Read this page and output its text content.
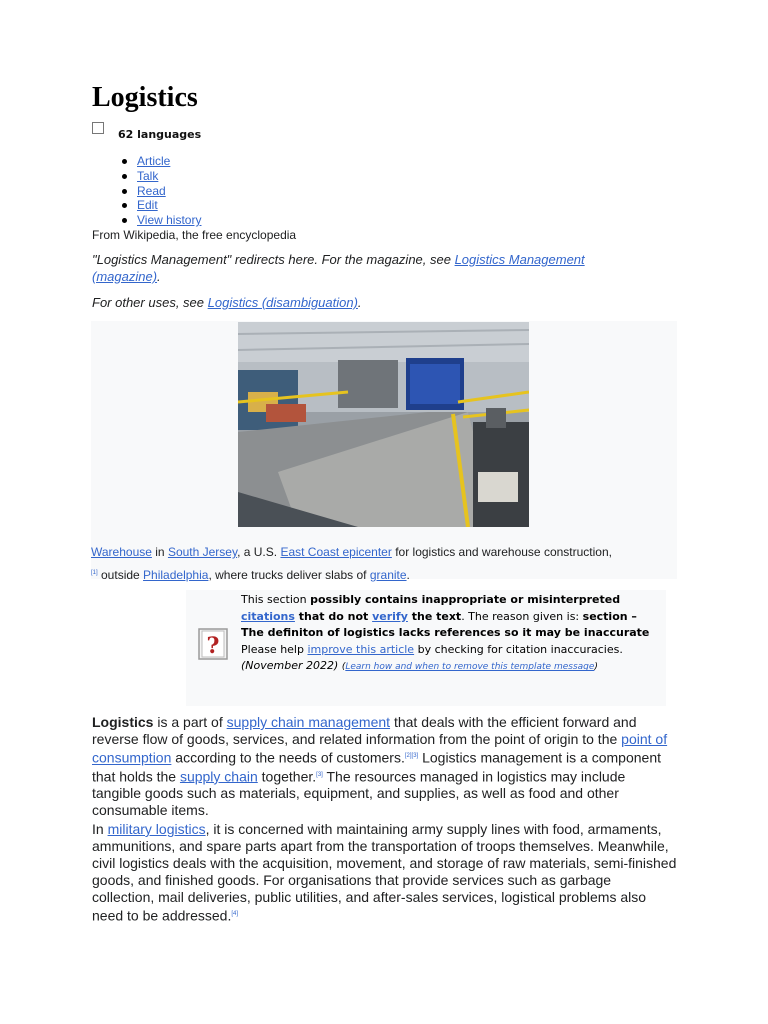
Logistics
62 languages
Article
Talk
Read
Edit
View history
From Wikipedia, the free encyclopedia
"Logistics Management" redirects here. For the magazine, see Logistics Management (magazine).
For other uses, see Logistics (disambiguation).
Warehouse in South Jersey, a U.S. East Coast epicenter for logistics and warehouse construction,
[1] outside Philadelphia, where trucks deliver slabs of granite.
?
This section possibly contains inappropriate or misinterpreted citations that do not verify the text. The reason given is: section – The definiton of logistics lacks references so it may be inaccurate Please help improve this article by checking for citation inaccuracies. (November 2022) (Learn how and when to remove this template message)
Logistics is a part of supply chain management that deals with the efficient forward and reverse flow of goods, services, and related information from the point of origin to the point of consumption according to the needs of customers.[2][3] Logistics management is a component that holds the supply chain together.[3] The resources managed in logistics may include tangible goods such as materials, equipment, and supplies, as well as food and other consumable items.
In military logistics, it is concerned with maintaining army supply lines with food, armaments, ammunitions, and spare parts apart from the transportation of troops themselves. Meanwhile, civil logistics deals with the acquisition, movement, and storage of raw materials, semi-finished goods, and finished goods. For organisations that provide services such as garbage collection, mail deliveries, public utilities, and after-sales services, logistical problems also need to be addressed.[4]
